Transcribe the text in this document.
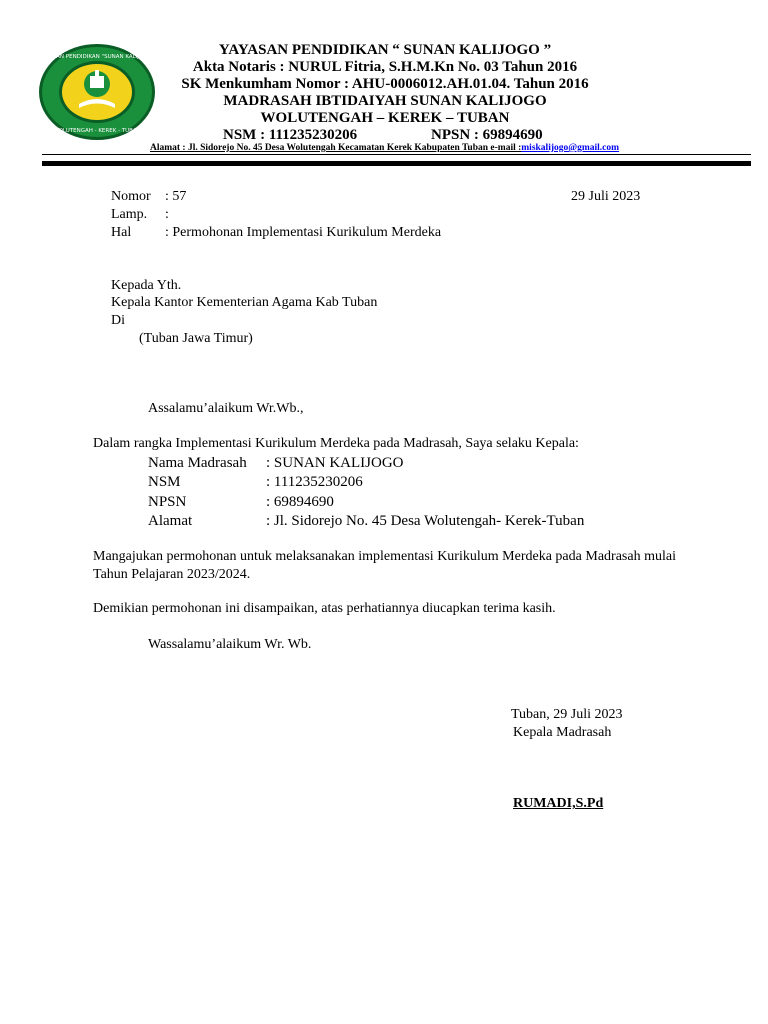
YAYASAN PENDIDIKAN "SUNAN KALIJOGO"
WOLUTENGAH - KEREK - TUBAN
YAYASAN PENDIDIKAN “ SUNAN KALIJOGO ”
Akta Notaris : NURUL Fitria, S.H.M.Kn No. 03 Tahun 2016
SK Menkumham Nomor : AHU-0006012.AH.01.04. Tahun 2016
MADRASAH IBTIDAIYAH SUNAN KALIJOGO
WOLUTENGAH – KEREK – TUBAN
NSM : 111235230206	NPSN : 69894690
Alamat : Jl. Sidorejo No. 45 Desa Wolutengah Kecamatan Kerek Kabupaten Tuban e-mail :miskalijogo@gmail.com
Nomor : 57	29 Juli 2023
Lamp. :
Hal : Permohonan Implementasi Kurikulum Merdeka
Kepada Yth.
Kepala Kantor Kementerian Agama Kab Tuban
Di
(Tuban Jawa Timur)
Assalamu’alaikum Wr.Wb.,
Dalam rangka Implementasi Kurikulum Merdeka pada Madrasah, Saya selaku Kepala:
Nama Madrasah : SUNAN KALIJOGO
NSM	: 111235230206
NPSN	: 69894690
Alamat	: Jl. Sidorejo No. 45 Desa Wolutengah- Kerek-Tuban
Mangajukan permohonan untuk melaksanakan implementasi Kurikulum Merdeka pada Madrasah mulai Tahun Pelajaran 2023/2024.
Demikian permohonan ini disampaikan, atas perhatiannya diucapkan terima kasih.
Wassalamu’alaikum Wr. Wb.
Tuban, 29 Juli 2023
Kepala Madrasah
RUMADI,S.Pd
